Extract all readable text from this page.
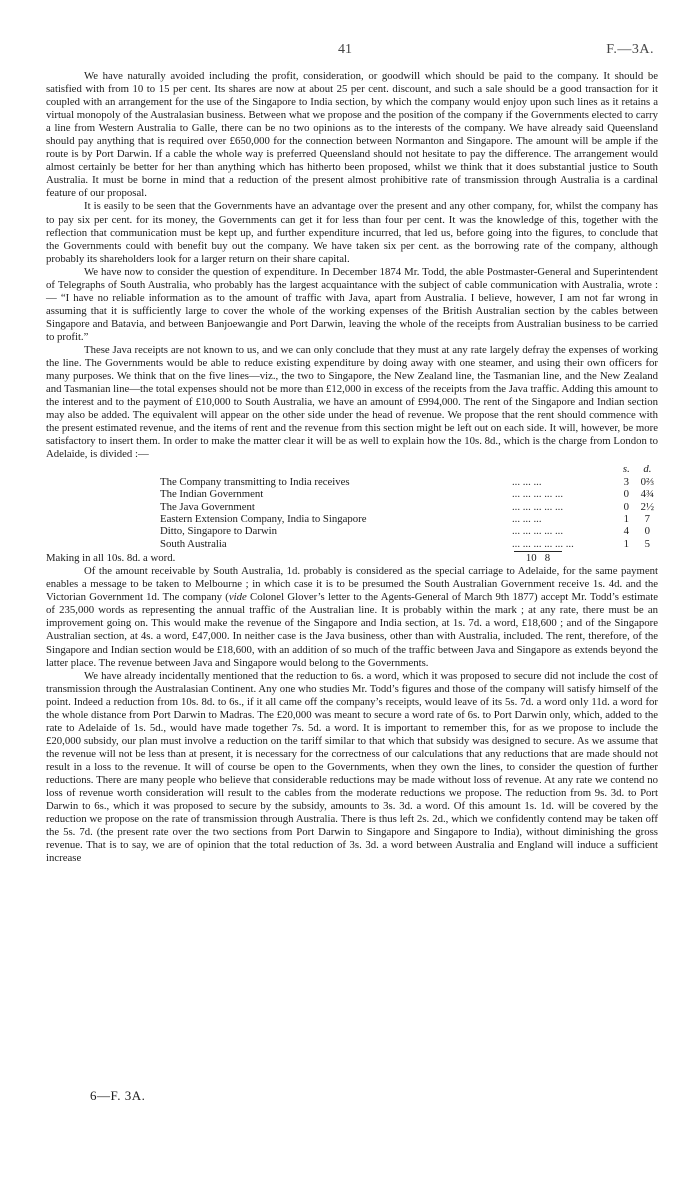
41	F.—3A.

We have naturally avoided including the profit, consideration, or goodwill which should be paid to the company. It should be satisfied with from 10 to 15 per cent. Its shares are now at about 25 per cent. discount, and such a sale should be a good transaction for it coupled with an arrangement for the use of the Singapore to India section, by which the company would enjoy upon such lines as it retains a virtual monopoly of the Australasian business. Between what we propose and the position of the company if the Governments elected to carry a line from Western Australia to Galle, there can be no two opinions as to the interests of the company. We have already said Queensland should pay anything that is required over £650,000 for the connection between Normanton and Singapore. The amount will be ample if the route is by Port Darwin. If a cable the whole way is preferred Queensland should not hesitate to pay the difference. The arrangement would almost certainly be better for her than anything which has hitherto been proposed, whilst we think that it does substantial justice to South Australia. It must be borne in mind that a reduction of the present almost prohibitive rate of transmission through Australia is a cardinal feature of our proposal.

It is easily to be seen that the Governments have an advantage over the present and any other company, for, whilst the company has to pay six per cent. for its money, the Governments can get it for less than four per cent. It was the knowledge of this, together with the reflection that communication must be kept up, and further expenditure incurred, that led us, before going into the figures, to conclude that the Governments could with benefit buy out the company. We have taken six per cent. as the borrowing rate of the company, although probably its shareholders look for a larger return on their share capital.

We have now to consider the question of expenditure. In December 1874 Mr. Todd, the able Postmaster-General and Superintendent of Telegraphs of South Australia, who probably has the largest acquaintance with the subject of cable communication with Australia, wrote :— “I have no reliable information as to the amount of traffic with Java, apart from Australia. I believe, however, I am not far wrong in assuming that it is sufficiently large to cover the whole of the working expenses of the British Australian section by the cables between Singapore and Batavia, and between Banjoewangie and Port Darwin, leaving the whole of the receipts from Australian business to be carried to profit.”

These Java receipts are not known to us, and we can only conclude that they must at any rate largely defray the expenses of working the line. The Governments would be able to reduce existing expenditure by doing away with one steamer, and using their own officers for many purposes. We think that on the five lines—viz., the two to Singapore, the New Zealand line, the Tasmanian line, and the New Zealand and Tasmanian line—the total expenses should not be more than £12,000 in excess of the receipts from the Java traffic. Adding this amount to the interest and to the payment of £10,000 to South Australia, we have an amount of £994,000. The rent of the Singapore and Indian section may also be added. The equivalent will appear on the other side under the head of revenue. We propose that the rent should commence with the present estimated revenue, and the items of rent and the revenue from this section might be left out on each side. It will, however, be more satisfactory to insert them. In order to make the matter clear it will be as well to explain how the 10s. 8d., which is the charge from London to Adelaide, is divided :—

		s.	d.
The Company transmitting to India receives	... ... ...	3	0⅔
The Indian Government	... ... ... ... ...	0	4¾
The Java Government	... ... ... ... ...	0	2½
Eastern Extension Company, India to Singapore	... ... ...	1	7
Ditto, Singapore to Darwin	... ... ... ... ...	4	0
South Australia	... ... ... ... ... ...	1	5
Making in all 10s. 8d. a word.	10 8

Of the amount receivable by South Australia, 1d. probably is considered as the special carriage to Adelaide, for the same payment enables a message to be taken to Melbourne ; in which case it is to be presumed the South Australian Government receive 1s. 4d. and the Victorian Government 1d. The company (vide Colonel Glover’s letter to the Agents-General of March 9th 1877) accept Mr. Todd’s estimate of 235,000 words as representing the annual traffic of the Australian line. It is probably within the mark ; at any rate, there must be an improvement going on. This would make the revenue of the Singapore and India section, at 1s. 7d. a word, £18,600 ; and of the Singapore Australian section, at 4s. a word, £47,000. In neither case is the Java business, other than with Australia, included. The rent, therefore, of the Singapore and Indian section would be £18,600, with an addition of so much of the traffic between Java and Singapore as extends beyond the latter place. The revenue between Java and Singapore would belong to the Governments.

We have already incidentally mentioned that the reduction to 6s. a word, which it was proposed to secure did not include the cost of transmission through the Australasian Continent. Any one who studies Mr. Todd’s figures and those of the company will satisfy himself of the point. Indeed a reduction from 10s. 8d. to 6s., if it all came off the company’s receipts, would leave of its 5s. 7d. a word only 11d. a word for the whole distance from Port Darwin to Madras. The £20,000 was meant to secure a word rate of 6s. to Port Darwin only, which, added to the rate to Adelaide of 1s. 5d., would have made together 7s. 5d. a word. It is important to remember this, for as we propose to include the £20,000 subsidy, our plan must involve a reduction on the tariff similar to that which that subsidy was designed to secure. As we assume that the revenue will not be less than at present, it is necessary for the correctness of our calculations that any reductions that are made should not result in a loss to the revenue. It will of course be open to the Governments, when they own the lines, to consider the question of further reductions. There are many people who believe that considerable reductions may be made without loss of revenue. At any rate we contend no loss of revenue worth consideration will result to the cables from the moderate reductions we propose. The reduction from 9s. 3d. to Port Darwin to 6s., which it was proposed to secure by the subsidy, amounts to 3s. 3d. a word. Of this amount 1s. 1d. will be covered by the reduction we propose on the rate of transmission through Australia. There is thus left 2s. 2d., which we confidently contend may be taken off the 5s. 7d. (the present rate over the two sections from Port Darwin to Singapore and Singapore to India), without diminishing the gross revenue. That is to say, we are of opinion that the total reduction of 3s. 3d. a word between Australia and England will induce a sufficient increase

6—F. 3A.
